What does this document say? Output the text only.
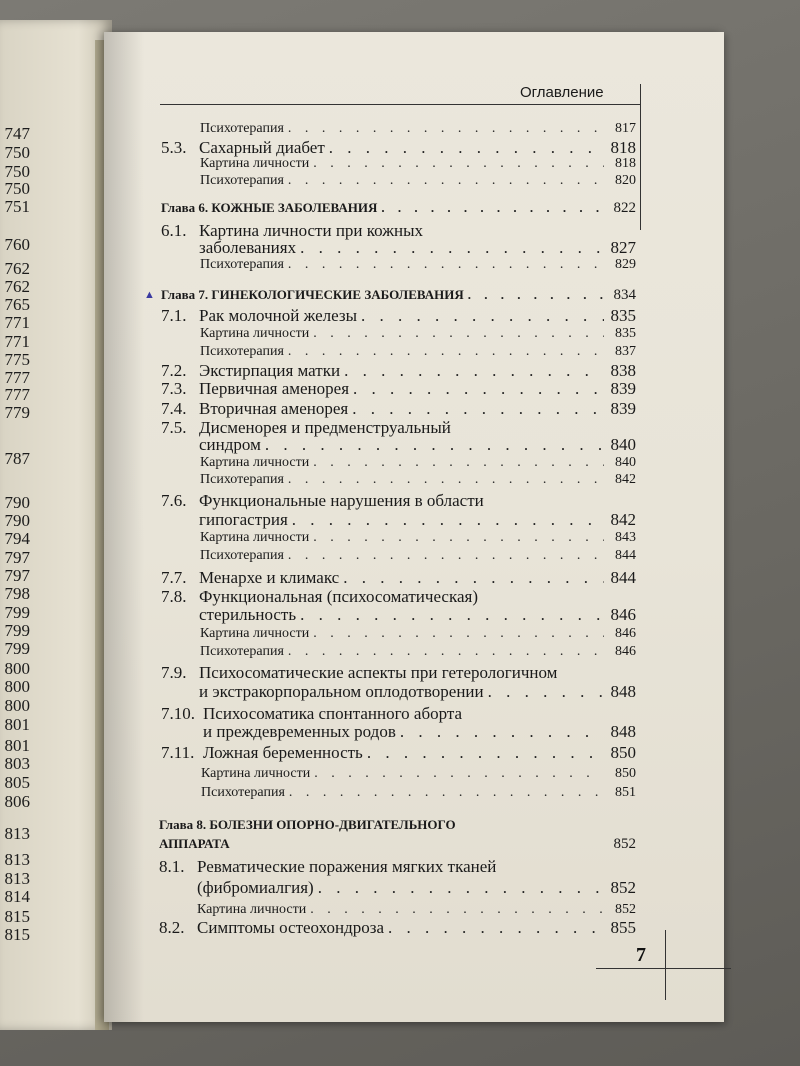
747
750
750
750
751
760
762
762
765
771
771
775
777
777
779
787
790
790
794
797
797
798
799
799
799
800
800
800
801
801
803
805
806
813
813
813
814
815
815
Оглавление
▲
Психотерапия . . .	817
5.3. Сахарный диабет . . .	818
Картина личности . . .	818
Психотерапия . . .	820
Глава 6. КОЖНЫЕ ЗАБОЛЕВАНИЯ . . .	822
6.1. Картина личности при кожных
заболеваниях . . .	827
Психотерапия . . .	829
Глава 7. ГИНЕКОЛОГИЧЕСКИЕ ЗАБОЛЕВАНИЯ . . .	834
7.1. Рак молочной железы . . .	835
Картина личности . . .	835
Психотерапия . . .	837
7.2. Экстирпация матки . . .	838
7.3. Первичная аменорея . . .	839
7.4. Вторичная аменорея . . .	839
7.5. Дисменорея и предменструальный
синдром . . .	840
Картина личности . . .	840
Психотерапия . . .	842
7.6. Функциональные нарушения в области
гипогастрия . . .	842
Картина личности . . .	843
Психотерапия . . .	844
7.7. Менархе и климакс . . .	844
7.8. Функциональная (психосоматическая)
стерильность . . .	846
Картина личности . . .	846
Психотерапия . . .	846
7.9. Психосоматические аспекты при гетерологичном
и экстракорпоральном оплодотворении . . .	848
7.10. Психосоматика спонтанного аборта
и преждевременных родов . . .	848
7.11. Ложная беременность . . .	850
Картина личности . . .	850
Психотерапия . . .	851
Глава 8. БОЛЕЗНИ ОПОРНО-ДВИГАТЕЛЬНОГО
АППАРАТА	852
8.1. Ревматические поражения мягких тканей
(фибромиалгия) . . .	852
Картина личности . . .	852
8.2. Симптомы остеохондроза . . .	855
7
